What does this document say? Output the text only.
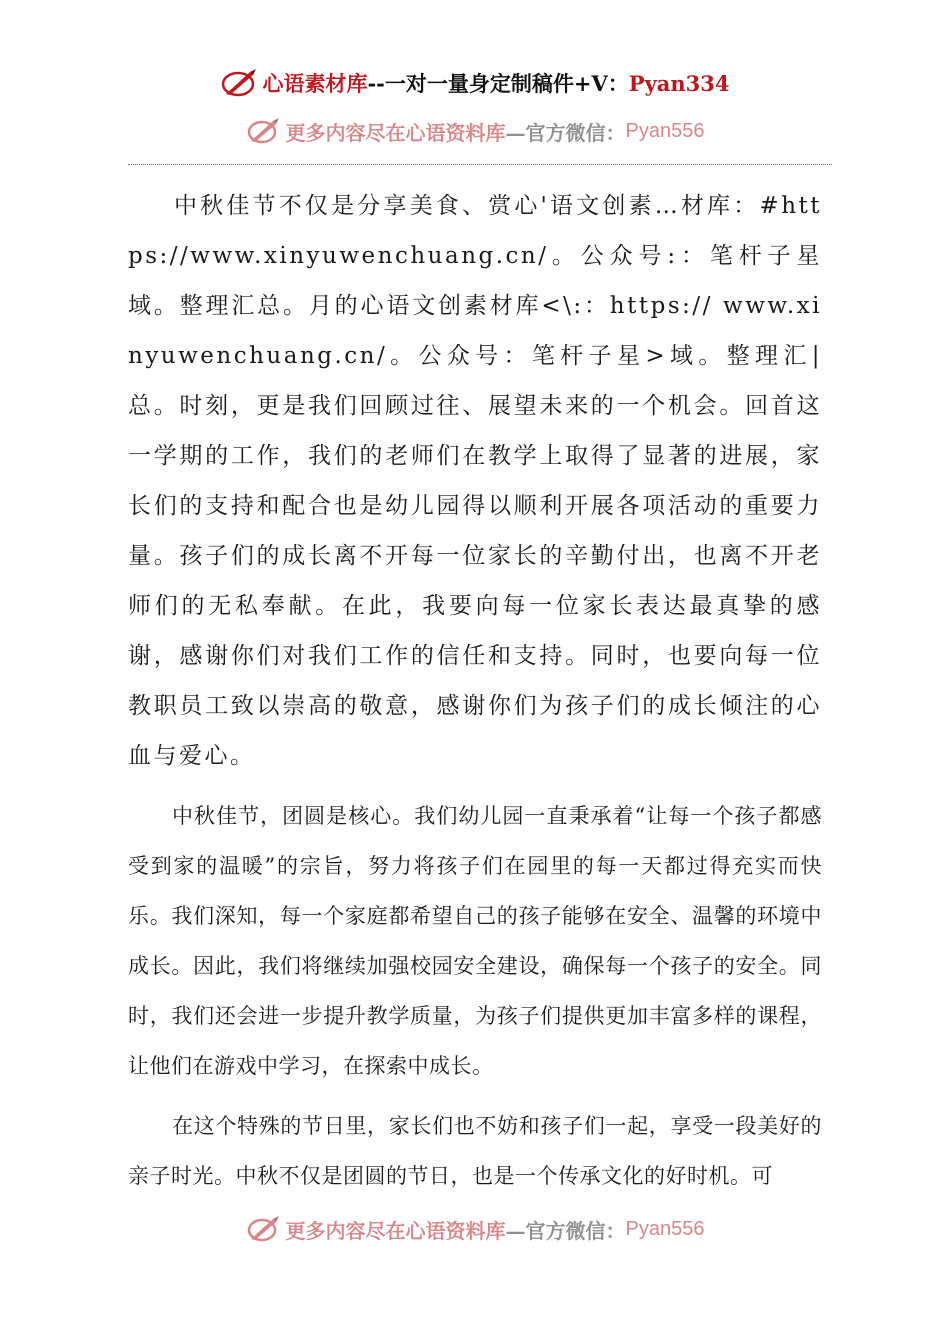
心语素材库 -- 一对一量身定制稿件 +V： Pyan334
更多内容尽在心语资料库 —官方微信： Pyan556

中秋佳节不仅是分享美食、赏心'语文创素…材库：#https://www.xinyuwenchuang.cn/。公众号:：笔杆子星域。整理汇总。月的心语文创素材库<\:：https:// www.xinyuwenchuang.cn/。公众号：笔杆子星>域。整理汇|总。时刻，更是我们回顾过往、展望未来的一个机会。回首这一学期的工作，我们的老师们在教学上取得了显著的进展，家长们的支持和配合也是幼儿园得以顺利开展各项活动的重要力量。孩子们的成长离不开每一位家长的辛勤付出，也离不开老师们的无私奉献。在此，我要向每一位家长表达最真挚的感谢，感谢你们对我们工作的信任和支持。同时，也要向每一位教职员工致以崇高的敬意，感谢你们为孩子们的成长倾注的心血与爱心。

中秋佳节，团圆是核心。我们幼儿园一直秉承着“让每一个孩子都感受到家的温暖”的宗旨，努力将孩子们在园里的每一天都过得充实而快乐。我们深知，每一个家庭都希望自己的孩子能够在安全、温馨的环境中成长。因此，我们将继续加强校园安全建设，确保每一个孩子的安全。同时，我们还会进一步提升教学质量，为孩子们提供更加丰富多样的课程，让他们在游戏中学习，在探索中成长。

在这个特殊的节日里，家长们也不妨和孩子们一起，享受一段美好的亲子时光。中秋不仅是团圆的节日，也是一个传承文化的好时机。可

更多内容尽在心语资料库 —官方微信： Pyan556
